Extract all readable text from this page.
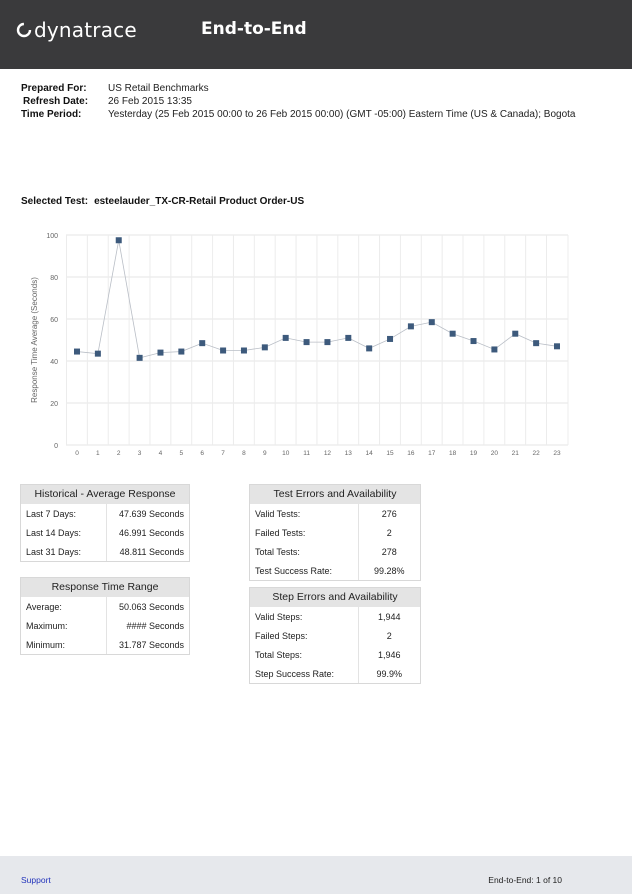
dynatrace	End-to-End
Prepared For:	US Retail Benchmarks
Refresh Date:	26 Feb 2015 13:35
Time Period:	Yesterday (25 Feb 2015 00:00 to 26 Feb 2015 00:00) (GMT -05:00) Eastern Time (US & Canada); Bogota
Selected Test: esteelauder_TX-CR-Retail Product Order-US
0
20
40
60
80
100
0	1	2	3	4	5	6	7	8	9 10 11 12 13 14 15 16 17 18 19 20 21 22 23
Response Time Average (Seconds)
Historical - Average Response
Last 7 Days:	47.639 Seconds
Last 14 Days:	46.991 Seconds
Last 31 Days:	48.811 Seconds
Response Time Range
Average:	50.063 Seconds
Maximum:	#### Seconds
Minimum:	31.787 Seconds
Test Errors and Availability
Valid Tests:	276
Failed Tests:	2
Total Tests:	278
Test Success Rate:	99.28%
Step Errors and Availability
Valid Steps:	1,944
Failed Steps:	2
Total Steps:	1,946
Step Success Rate:	99.9%
Support	End-to-End: 1 of 10
